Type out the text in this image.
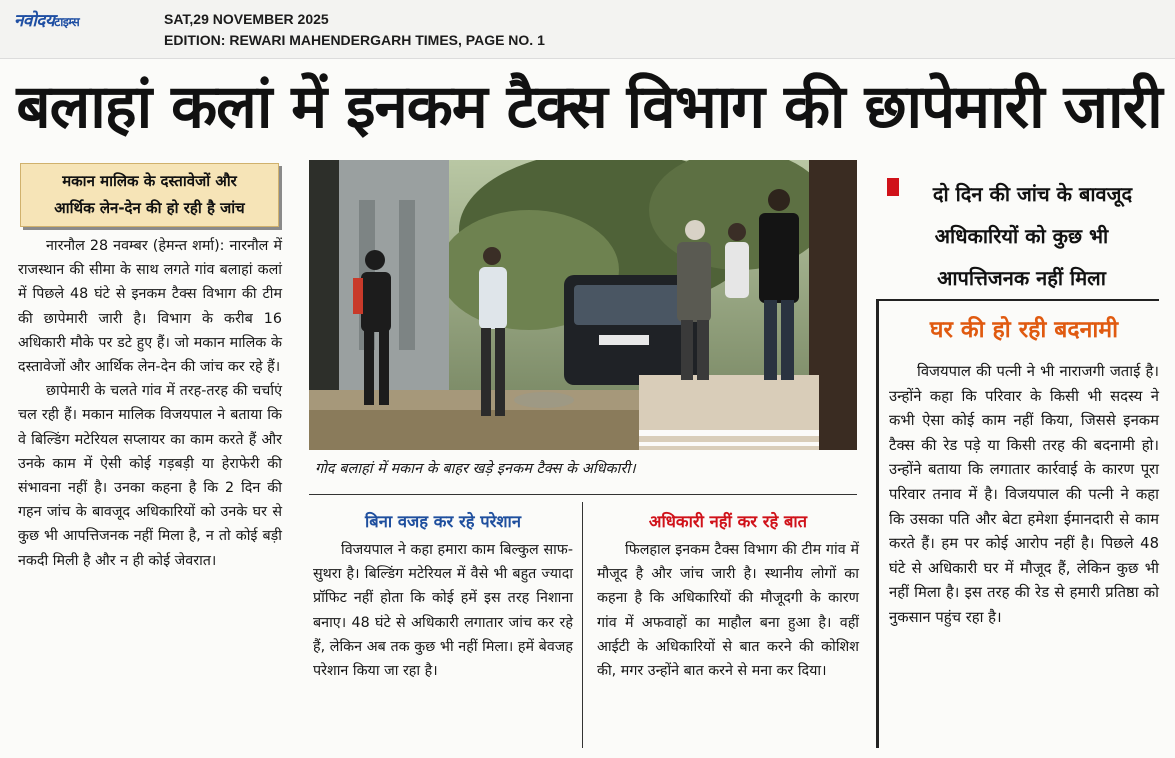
नवोदयटाइम्स	SAT,29 NOVEMBER 2025
EDITION: REWARI MAHENDERGARH TIMES, PAGE NO. 1
बलाहां कलां में इनकम टैक्स विभाग की छापेमारी जारी
मकान मालिक के दस्तावेजों और
आर्थिक लेन-देन की हो रही है जांच

नारनौल 28 नवम्बर (हेमन्त शर्मा): नारनौल में राजस्थान की सीमा के साथ लगते गांव बलाहां कलां में पिछले 48 घंटे से इनकम टैक्स विभाग की टीम की छापेमारी जारी है। विभाग के करीब 16 अधिकारी मौके पर डटे हुए हैं। जो मकान मालिक के दस्तावेजों और आर्थिक लेन-देन की जांच कर रहे हैं।

छापेमारी के चलते गांव में तरह-तरह की चर्चाएं चल रही हैं। मकान मालिक विजयपाल ने बताया कि वे बिल्डिंग मटेरियल सप्लायर का काम करते हैं और उनके काम में ऐसी कोई गड़बड़ी या हेराफेरी की संभावना नहीं है। उनका कहना है कि 2 दिन की गहन जांच के बावजूद अधिकारियों को उनके घर से कुछ भी आपत्तिजनक नहीं मिला है, न तो कोई बड़ी नकदी मिली है और न ही कोई जेवरात।

गोद बलाहां में मकान के बाहर खड़े इनकम टैक्स के अधिकारी।
बिना वजह कर रहे परेशान

विजयपाल ने कहा हमारा काम बिल्कुल साफ-सुथरा है। बिल्डिंग मटेरियल में वैसे भी बहुत ज्यादा प्रॉफिट नहीं होता कि कोई हमें इस तरह निशाना बनाए। 48 घंटे से अधिकारी लगातार जांच कर रहे हैं, लेकिन अब तक कुछ भी नहीं मिला। हमें बेवजह परेशान किया जा रहा है।

अधिकारी नहीं कर रहे बात

फिलहाल इनकम टैक्स विभाग की टीम गांव में मौजूद है और जांच जारी है। स्थानीय लोगों का कहना है कि अधिकारियों की मौजूदगी के कारण गांव में अफवाहों का माहौल बना हुआ है। वहीं आईटी के अधिकारियों से बात करने की कोशिश की, मगर उन्होंने बात करने से मना कर दिया।

दो दिन की जांच के बावजूद
अधिकारियों को कुछ भी
आपत्तिजनक नहीं मिला
घर की हो रही बदनामी

विजयपाल की पत्नी ने भी नाराजगी जताई है। उन्होंने कहा कि परिवार के किसी भी सदस्य ने कभी ऐसा कोई काम नहीं किया, जिससे इनकम टैक्स की रेड पड़े या किसी तरह की बदनामी हो। उन्होंने बताया कि लगातार कार्रवाई के कारण पूरा परिवार तनाव में है। विजयपाल की पत्नी ने कहा कि उसका पति और बेटा हमेशा ईमानदारी से काम करते हैं। हम पर कोई आरोप नहीं है। पिछले 48 घंटे से अधिकारी घर में मौजूद हैं, लेकिन कुछ भी नहीं मिला है। इस तरह की रेड से हमारी प्रतिष्ठा को नुकसान पहुंच रहा है।
